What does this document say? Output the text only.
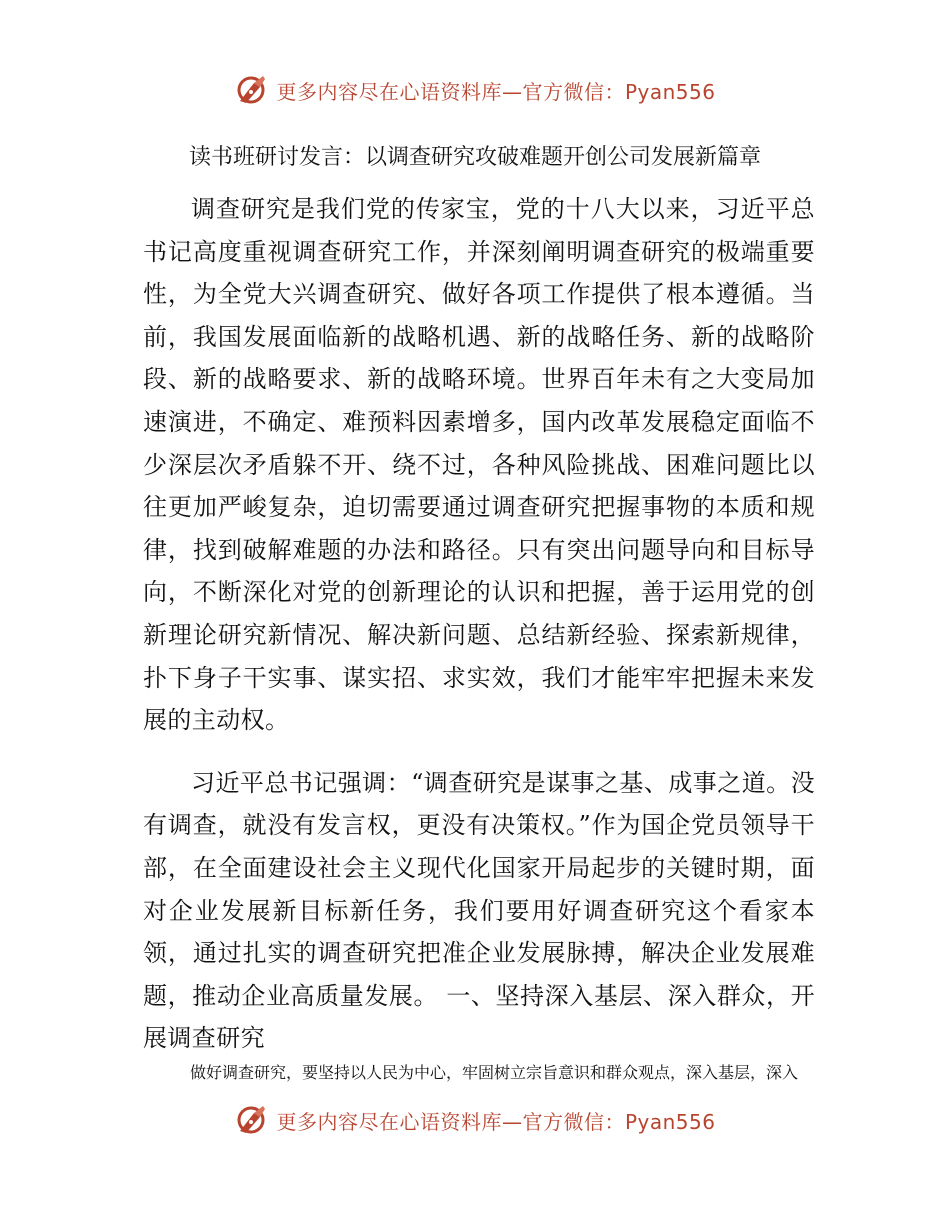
更多内容尽在心语资料库—官方微信：Pyan556
读书班研讨发言：以调查研究攻破难题开创公司发展新篇章

调查研究是我们党的传家宝，党的十八大以来，习近平总书记高度重视调查研究工作，并深刻阐明调查研究的极端重要性，为全党大兴调查研究、做好各项工作提供了根本遵循。当前，我国发展面临新的战略机遇、新的战略任务、新的战略阶段、新的战略要求、新的战略环境。世界百年未有之大变局加速演进，不确定、难预料因素增多，国内改革发展稳定面临不少深层次矛盾躲不开、绕不过，各种风险挑战、困难问题比以往更加严峻复杂，迫切需要通过调查研究把握事物的本质和规律，找到破解难题的办法和路径。只有突出问题导向和目标导向，不断深化对党的创新理论的认识和把握，善于运用党的创新理论研究新情况、解决新问题、总结新经验、探索新规律，扑下身子干实事、谋实招、求实效，我们才能牢牢把握未来发展的主动权。

习近平总书记强调：“调查研究是谋事之基、成事之道。没有调查，就没有发言权，更没有决策权。”作为国企党员领导干部，在全面建设社会主义现代化国家开局起步的关键时期，面对企业发展新目标新任务，我们要用好调查研究这个看家本领，通过扎实的调查研究把准企业发展脉搏，解决企业发展难题，推动企业高质量发展。 一、坚持深入基层、深入群众，开展调查研究

做好调查研究，要坚持以人民为中心，牢固树立宗旨意识和群众观点，深入基层，深入
更多内容尽在心语资料库—官方微信：Pyan556
